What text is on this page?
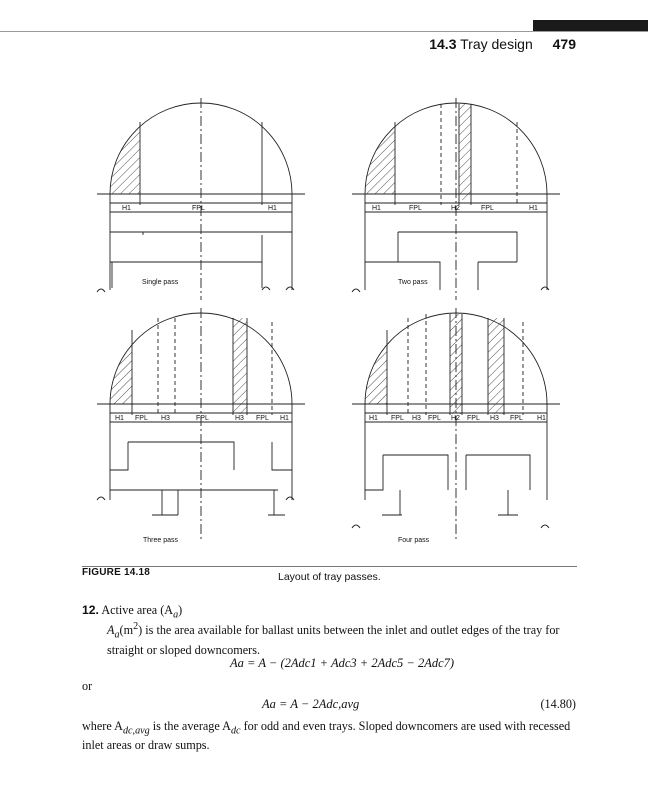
14.3 Tray design 479
H1	FPL	H1
Single pass
H1	FPL	H2	FPL	H1
Two pass
H1 FPL H3	FPL	H3 FPL H1
Three pass
H1 FPL H3 FPL H2 FPL H3 FPL H1
Four pass
FIGURE 14.18	Layout of tray passes.
12. Active area $(A_a)$
$A_a(m^2)$ is the area available for ballast units between the inlet and outlet edges of the tray for straight or sloped downcomers.
Aa = A − (2Adc1 + Adc3 + 2Adc5 − 2Adc7)
or
Aa = A − 2Adc,avg	(14.80)
where $A_{dc,avg}$ is the average $A_{dc}$ for odd and even trays. Sloped downcomers are used with recessed inlet areas or draw sumps.
